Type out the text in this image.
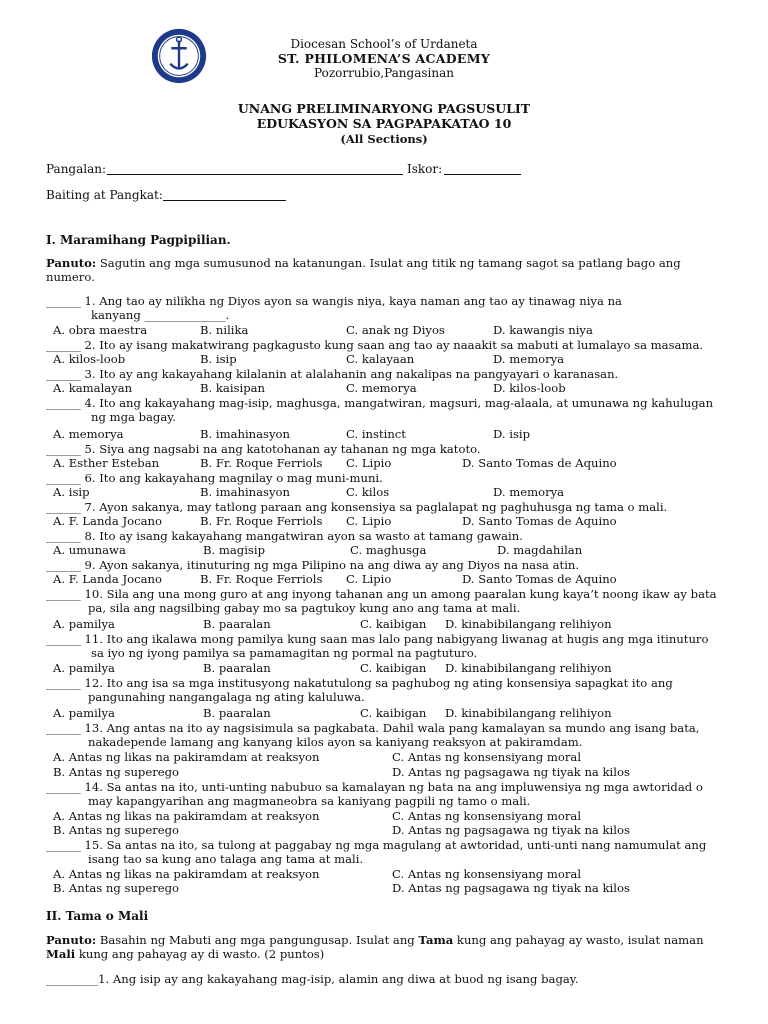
Diocesan School’s of Urdaneta
ST. PHILOMENA’S ACADEMY
Pozorrubio,Pangasinan
UNANG PRELIMINARYONG PAGSUSULIT
EDUKASYON SA PAGPAPAKATAO 10
(All Sections)
Pangalan:	Iskor:
Baiting at Pangkat:
I. Maramihang Pagpipilian.
Panuto: Sagutin ang mga sumusunod na katanungan. Isulat ang titik ng tamang sagot sa patlang bago ang
numero.
______ 1. Ang tao ay nilikha ng Diyos ayon sa wangis niya, kaya naman ang tao ay tinawag niya na
kanyang ______________.
A. obra maestra	B. nilika	C. anak ng Diyos	D. kawangis niya
______ 2. Ito ay isang makatwirang pagkagusto kung saan ang tao ay naaakit sa mabuti at lumalayo sa masama.
A. kilos-loob	B. isip	C. kalayaan	D. memorya
______ 3. Ito ay ang kakayahang kilalanin at alalahanin ang nakalipas na pangyayari o karanasan.
A. kamalayan	B. kaisipan	C. memorya	D. kilos-loob
______ 4. Ito ang kakayahang mag-isip, maghusga, mangatwiran, magsuri, mag-alaala, at umunawa ng kahulugan
ng mga bagay.
A. memorya	B. imahinasyon	C. instinct	D. isip
______ 5. Siya ang nagsabi na ang katotohanan ay tahanan ng mga katoto.
A. Esther Esteban	B. Fr. Roque Ferriols C. Lipio	D. Santo Tomas de Aquino
______ 6. Ito ang kakayahang magnilay o mag muni-muni.
A. isip	B. imahinasyon	C. kilos	D. memorya
______ 7. Ayon sakanya, may tatlong paraan ang konsensiya sa paglalapat ng paghuhusga ng tama o mali.
A. F. Landa Jocano	B. Fr. Roque Ferriols C. Lipio	D. Santo Tomas de Aquino
______ 8. Ito ay isang kakayahang mangatwiran ayon sa wasto at tamang gawain.
A. umunawa	B. magisip	C. maghusga	D. magdahilan
______ 9. Ayon sakanya, itinuturing ng mga Pilipino na ang diwa ay ang Diyos na nasa atin.
A. F. Landa Jocano	B. Fr. Roque Ferriols C. Lipio	D. Santo Tomas de Aquino
______ 10. Sila ang una mong guro at ang inyong tahanan ang un among paaralan kung kaya’t noong ikaw ay bata
pa, sila ang nagsilbing gabay mo sa pagtukoy kung ano ang tama at mali.
A. pamilya	B. paaralan	C. kaibigan D. kinabibilangang relihiyon
______ 11. Ito ang ikalawa mong pamilya kung saan mas lalo pang nabigyang liwanag at hugis ang mga itinuturo
sa iyo ng iyong pamilya sa pamamagitan ng pormal na pagtuturo.
A. pamilya	B. paaralan	C. kaibigan D. kinabibilangang relihiyon
______ 12. Ito ang isa sa mga institusyong nakatutulong sa paghubog ng ating konsensiya sapagkat ito ang
pangunahing nangangalaga ng ating kaluluwa.
A. pamilya	B. paaralan	C. kaibigan D. kinabibilangang relihiyon
______ 13. Ang antas na ito ay nagsisimula sa pagkabata. Dahil wala pang kamalayan sa mundo ang isang bata,
nakadepende lamang ang kanyang kilos ayon sa kaniyang reaksyon at pakiramdam.
A. Antas ng likas na pakiramdam at reaksyon	C. Antas ng konsensiyang moral
B. Antas ng superego	D. Antas ng pagsagawa ng tiyak na kilos
______ 14. Sa antas na ito, unti-unting nabubuo sa kamalayan ng bata na ang impluwensiya ng mga awtoridad o
may kapangyarihan ang magmaneobra sa kaniyang pagpili ng tamo o mali.
A. Antas ng likas na pakiramdam at reaksyon	C. Antas ng konsensiyang moral
B. Antas ng superego	D. Antas ng pagsagawa ng tiyak na kilos
______ 15. Sa antas na ito, sa tulong at paggabay ng mga magulang at awtoridad, unti-unti nang namumulat ang
isang tao sa kung ano talaga ang tama at mali.
A. Antas ng likas na pakiramdam at reaksyon	C. Antas ng konsensiyang moral
B. Antas ng superego	D. Antas ng pagsagawa ng tiyak na kilos
II. Tama o Mali
Panuto: Basahin ng Mabuti ang mga pangungusap. Isulat ang Tama kung ang pahayag ay wasto, isulat naman
Mali kung ang pahayag ay di wasto. (2 puntos)
_________1. Ang isip ay ang kakayahang mag-isip, alamin ang diwa at buod ng isang bagay.
